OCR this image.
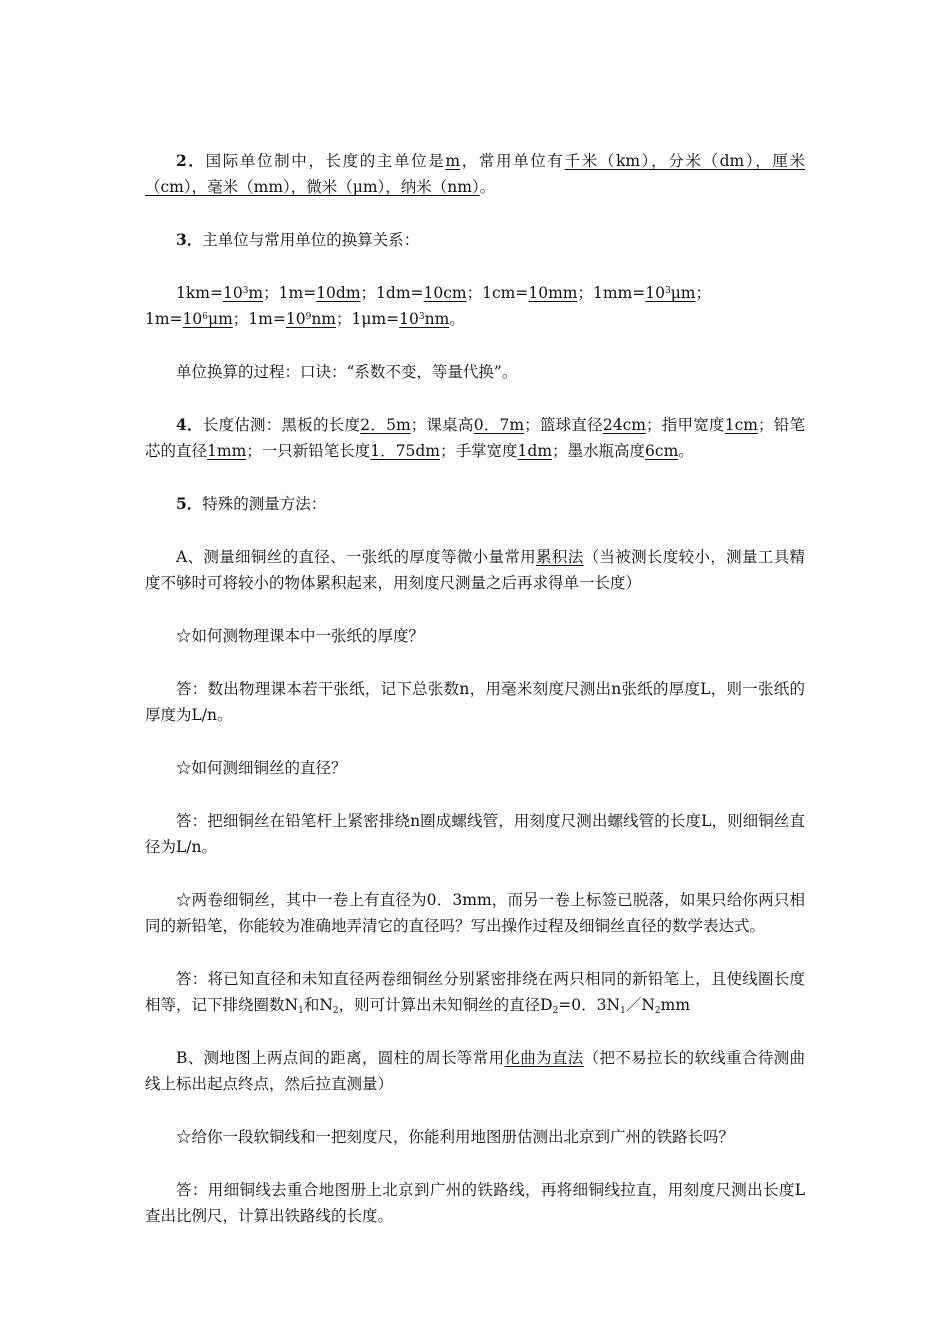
2．国际单位制中，长度的主单位是m，常用单位有千米（km），分米（dm），厘米（cm），毫米（mm），微米（μm），纳米（nm）。

3．主单位与常用单位的换算关系：

$1km=10^3m$；1m=10dm；1dm=10cm；1cm=10mm；$1mm=10^3\mu m$；$1m=10^6\mu m$；$1m=10^9nm$；$1\mu m=10^3nm$。

单位换算的过程：口诀：“系数不变，等量代换”。

4．长度估测：黑板的长度2．5m；课桌高0．7m；篮球直径24cm；指甲宽度1cm；铅笔芯的直径1mm；一只新铅笔长度1．75dm；手掌宽度1dm；墨水瓶高度6cm。

5．特殊的测量方法：

A、测量细铜丝的直径、一张纸的厚度等微小量常用累积法（当被测长度较小，测量工具精度不够时可将较小的物体累积起来，用刻度尺测量之后再求得单一长度）

☆如何测物理课本中一张纸的厚度？

答：数出物理课本若干张纸，记下总张数n，用毫米刻度尺测出n张纸的厚度L，则一张纸的厚度为L/n。

☆如何测细铜丝的直径？

答：把细铜丝在铅笔杆上紧密排绕n圈成螺线管，用刻度尺测出螺线管的长度L，则细铜丝直径为L/n。

☆两卷细铜丝，其中一卷上有直径为0．3mm，而另一卷上标签已脱落，如果只给你两只相同的新铅笔，你能较为准确地弄清它的直径吗？写出操作过程及细铜丝直径的数学表达式。

答：将已知直径和未知直径两卷细铜丝分别紧密排绕在两只相同的新铅笔上，且使线圈长度相等，记下排绕圈数$N_1$和$N_2$，则可计算出未知铜丝的直径$D_2=0$．$3N_1/N_2mm$

B、测地图上两点间的距离，圆柱的周长等常用化曲为直法（把不易拉长的软线重合待测曲线上标出起点终点，然后拉直测量）

☆给你一段软铜线和一把刻度尺，你能利用地图册估测出北京到广州的铁路长吗？

答：用细铜线去重合地图册上北京到广州的铁路线，再将细铜线拉直，用刻度尺测出长度L查出比例尺，计算出铁路线的长度。
